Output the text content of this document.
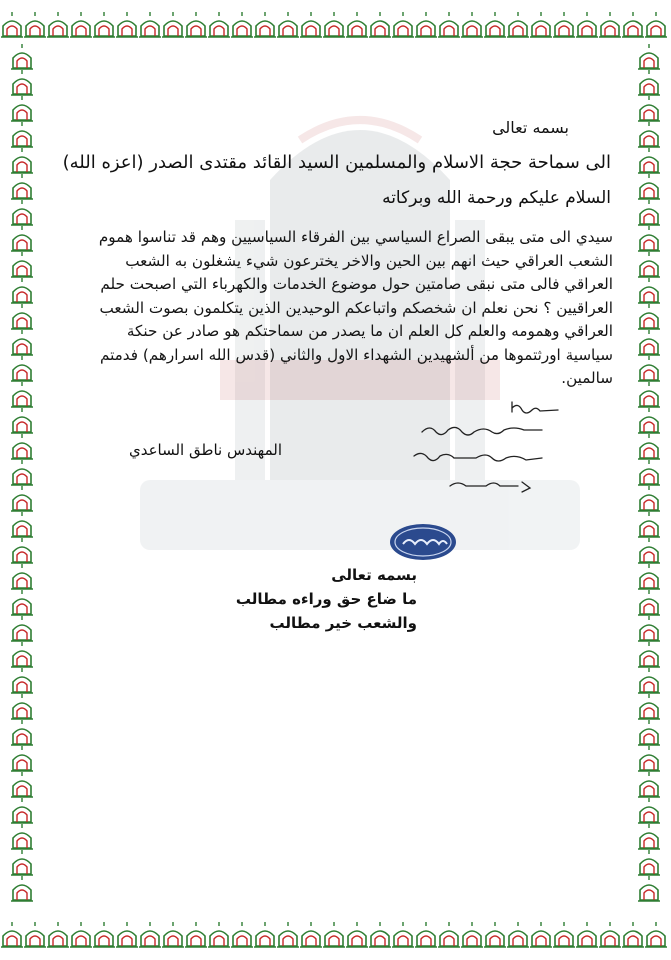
بسمه تعالى
الى سماحة حجة الاسلام والمسلمين السيد القائد مقتدى الصدر (اعزه الله)
السلام عليكم ورحمة الله وبركاته
سيدي الى متى يبقى الصراع السياسي بين الفرقاء السياسيين وهم قد تناسوا هموم الشعب العراقي حيث انهم بين الحين والاخر يخترعون شيء يشغلون به الشعب العراقي فالى متى نبقى صامتين حول موضوع الخدمات والكهرباء التي اصبحت حلم العراقيين ؟ نحن نعلم ان شخصكم واتباعكم الوحيدين الذين يتكلمون بصوت الشعب العراقي وهمومه والعلم كل العلم ان ما يصدر من سماحتكم هو صادر عن حنكة سياسية اورثتموها من ألشهيدين الشهداء الاول والثاني (قدس الله اسرارهم) فدمتم سالمين.
المهندس ناطق الساعدي
بسمه تعالى
ما ضاع حق وراءه مطالب
والشعب خير مطالب
